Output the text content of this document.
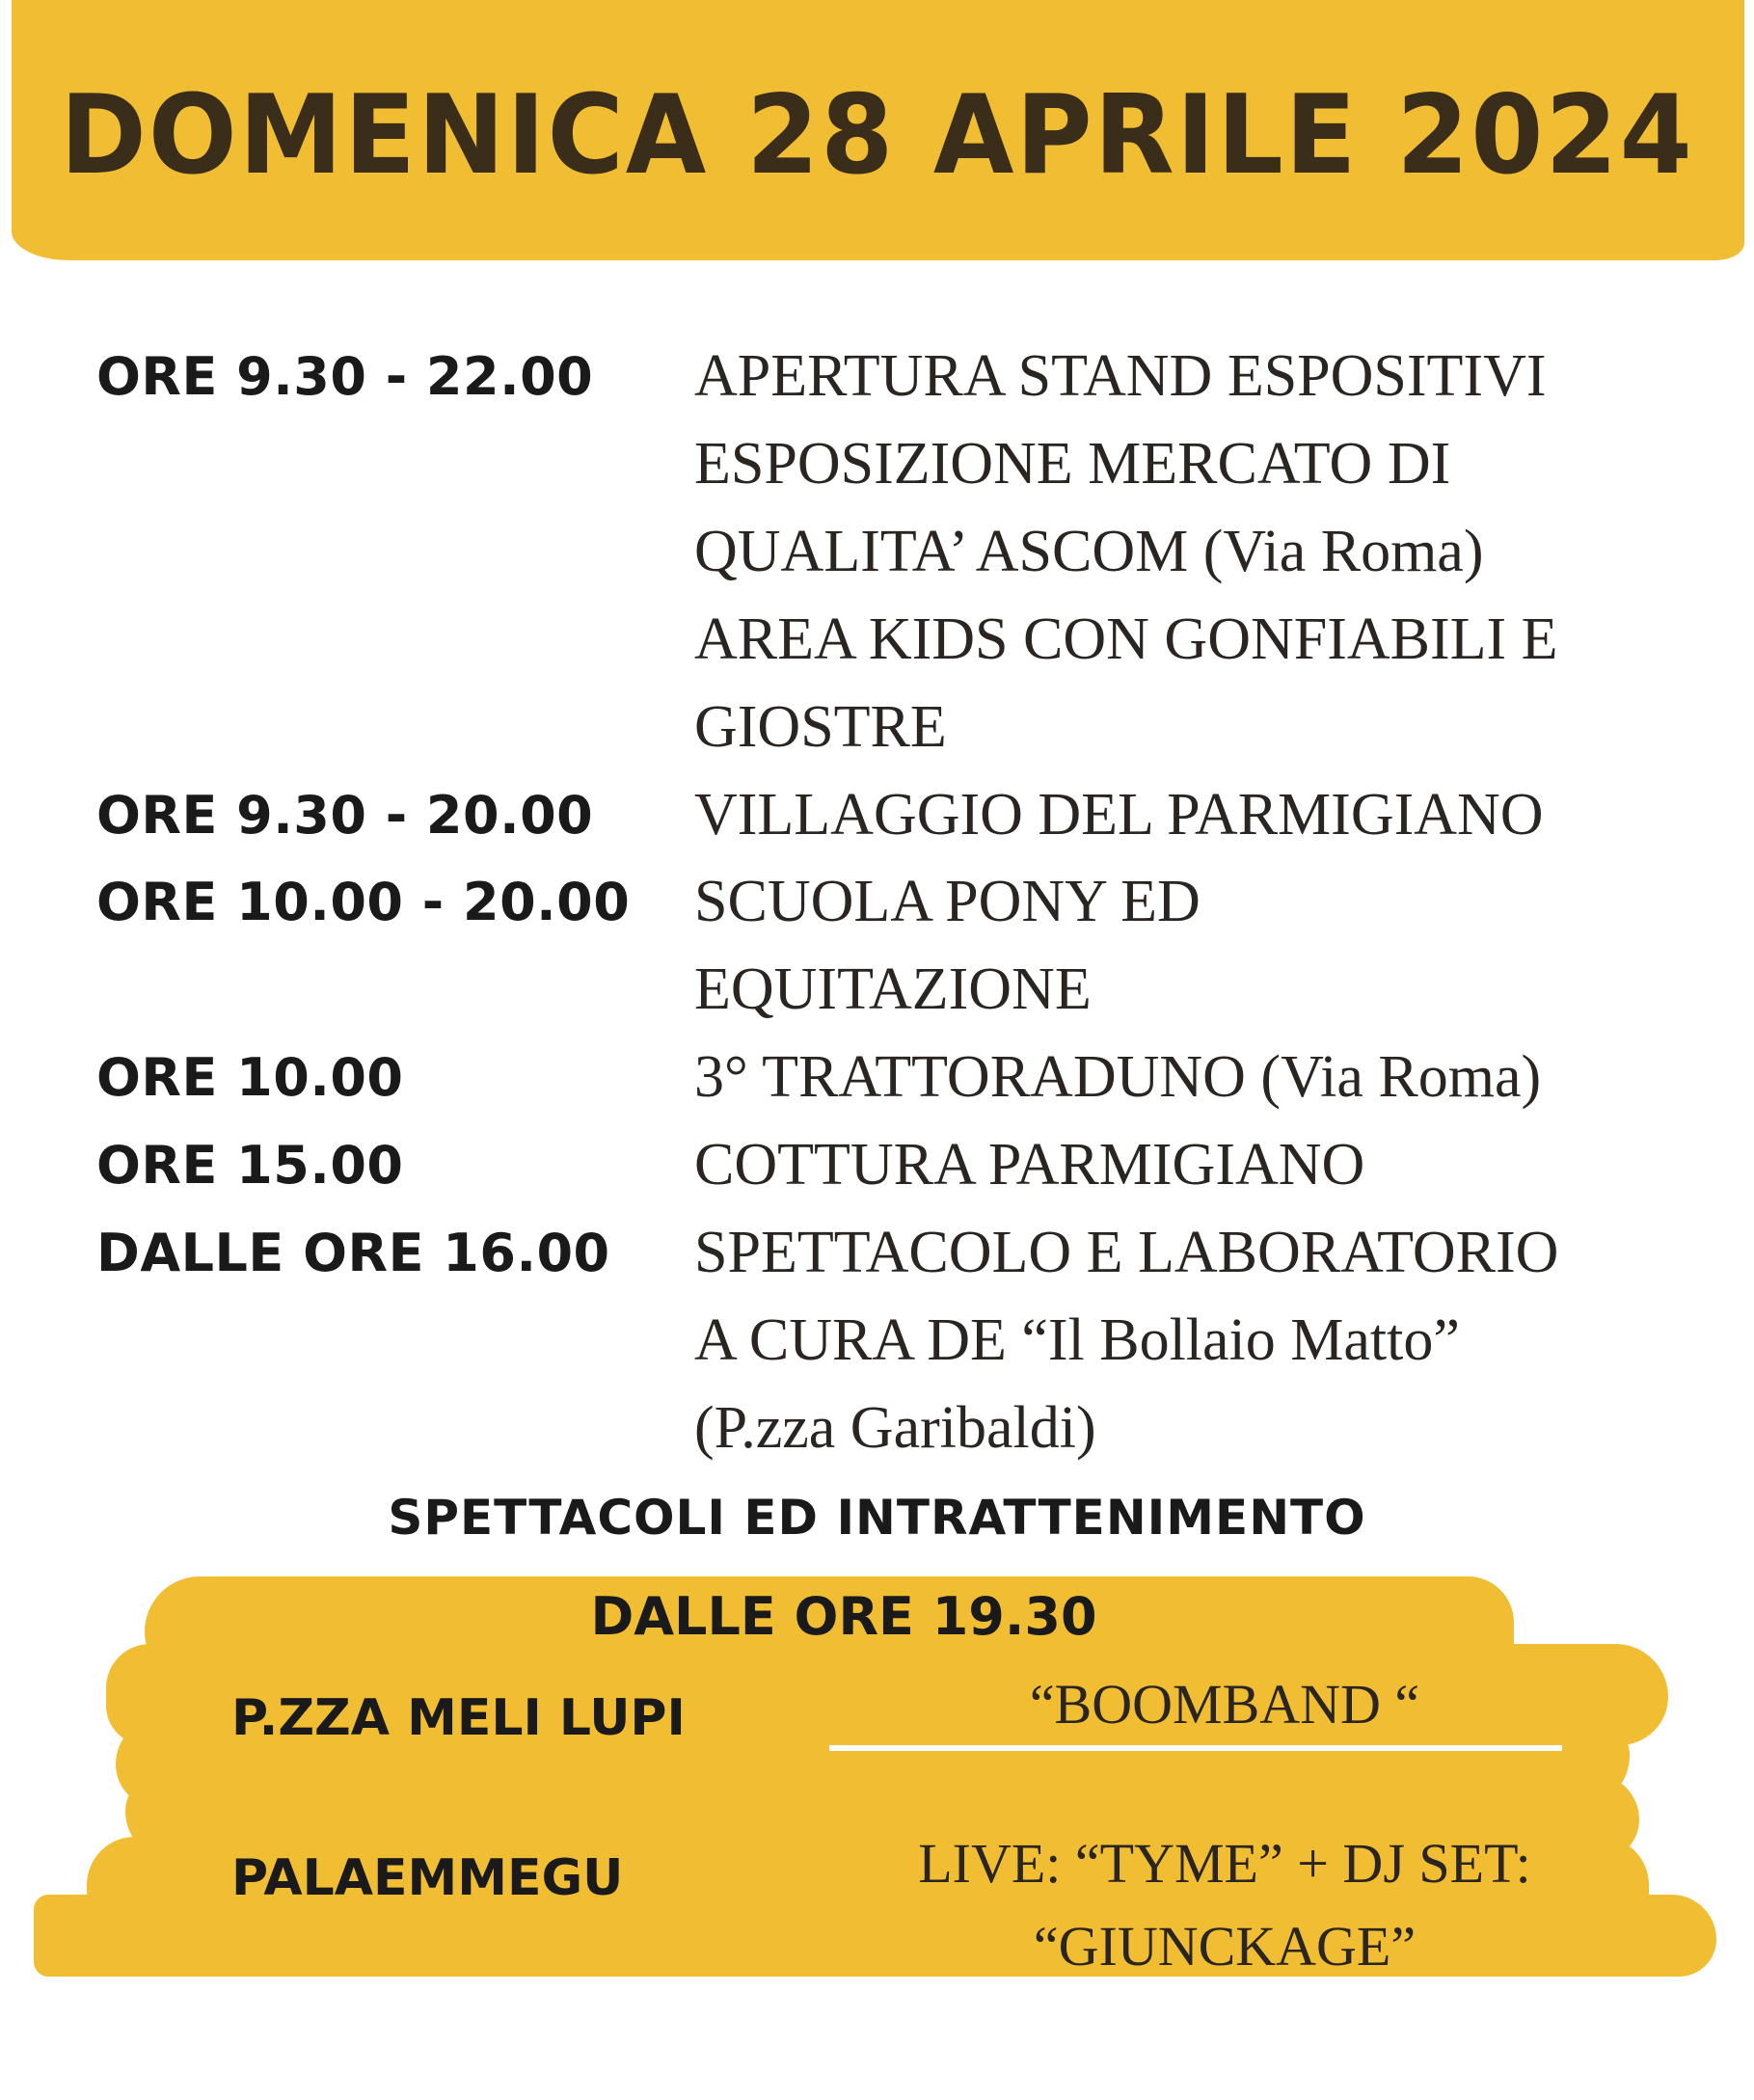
DOMENICA 28 APRILE 2024
ORE 9.30 - 22.00 APERTURA STAND ESPOSITIVI
ESPOSIZIONE MERCATO DI
QUALITA’ ASCOM (Via Roma)
AREA KIDS CON GONFIABILI E
GIOSTRE
ORE 9.30 - 20.00 VILLAGGIO DEL PARMIGIANO
ORE 10.00 - 20.00 SCUOLA PONY ED
EQUITAZIONE
ORE 10.00	3° TRATTORADUNO (Via Roma)
ORE 15.00	COTTURA PARMIGIANO
DALLE ORE 16.00 SPETTACOLO E LABORATORIO
A CURA DE “Il Bollaio Matto”
(P.zza Garibaldi)
SPETTACOLI ED INTRATTENIMENTO
DALLE ORE 19.30
P.ZZA MELI LUPI	“BOOMBAND “
PALAEMMEGU	LIVE: “TYME” + DJ SET:
“GIUNCKAGE”
